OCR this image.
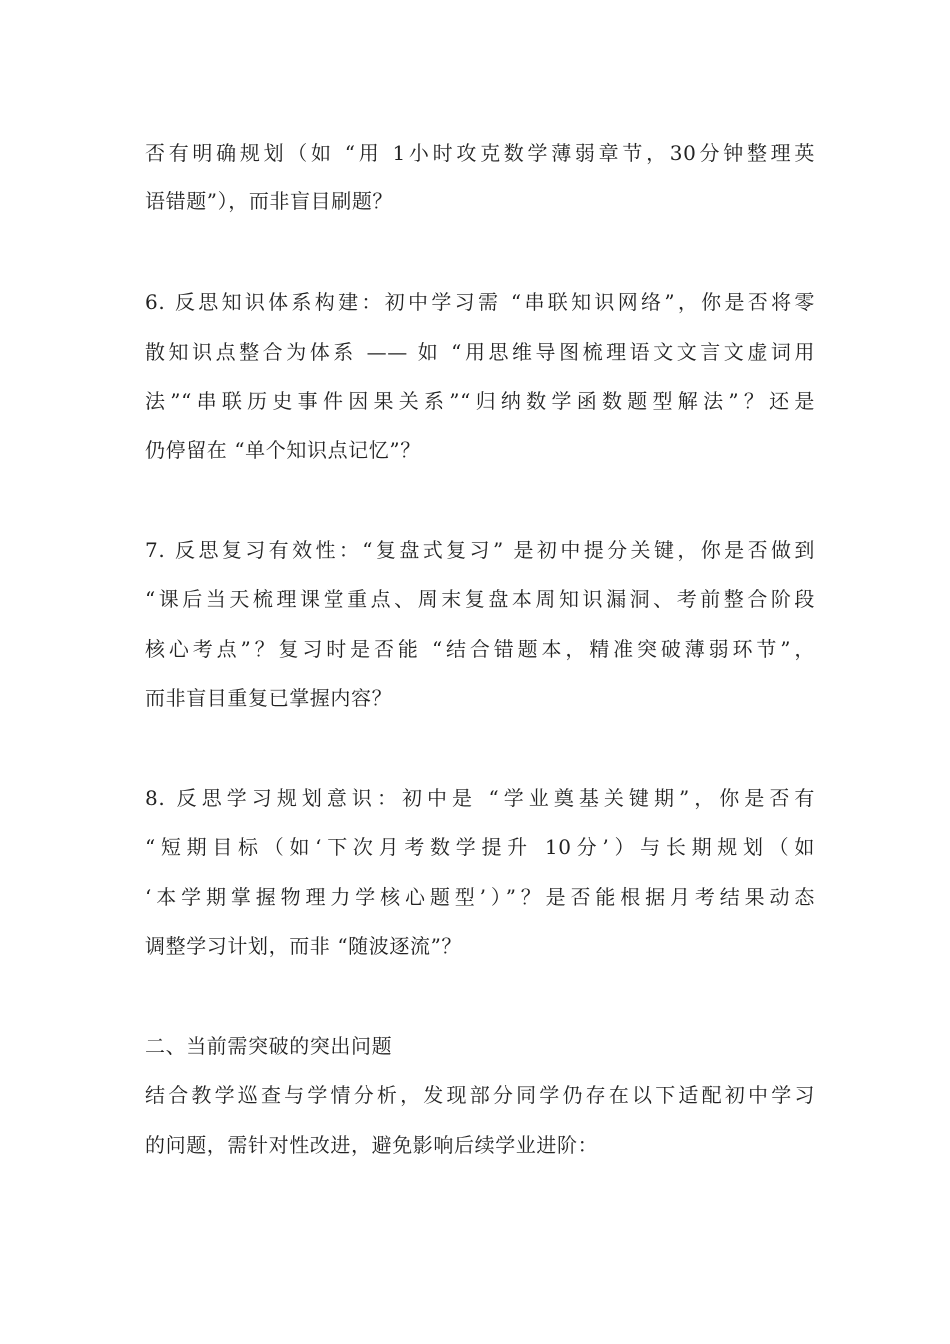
否有明确规划（如 “用 1小时攻克数学薄弱章节，30分钟整理英
语错题”），而非盲目刷题？
6. 反思知识体系构建：初中学习需 “串联知识网络”，你是否将零
散知识点整合为体系 —— 如 “用思维导图梳理语文文言文虚词用
法”“串联历史事件因果关系”“归纳数学函数题型解法”？还是
仍停留在 “单个知识点记忆”？
7. 反思复习有效性：“复盘式复习” 是初中提分关键，你是否做到
“课后当天梳理课堂重点、周末复盘本周知识漏洞、考前整合阶段
核心考点”？复习时是否能 “结合错题本，精准突破薄弱环节”，
而非盲目重复已掌握内容？
8. 反思学习规划意识：初中是 “学业奠基关键期”，你是否有
“短期目标（如‘下次月考数学提升 10分’）与长期规划（如
‘本学期掌握物理力学核心题型’）”？是否能根据月考结果动态
调整学习计划，而非 “随波逐流”？
二、当前需突破的突出问题
结合教学巡查与学情分析，发现部分同学仍存在以下适配初中学习
的问题，需针对性改进，避免影响后续学业进阶：
